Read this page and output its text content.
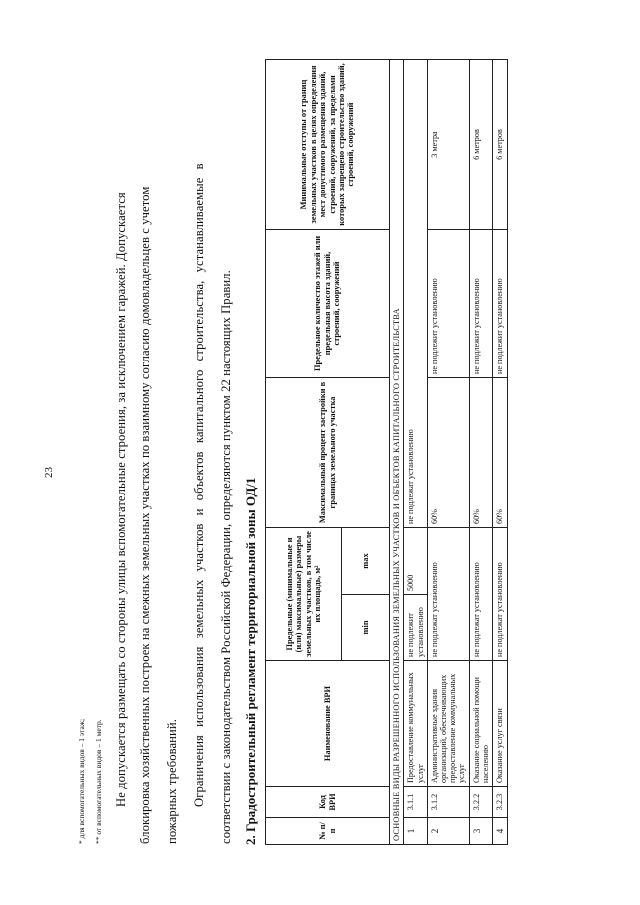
23
* для вспомогательных видов – 1 этаж; ** от вспомогательных видов – 1 метр. Не допускается размещать со стороны улицы вспомогательные строения, за исключением гаражей. Допускается блокировка хозяйственных построек на смежных земельных участках по взаимному согласию домовладельцев с учетом пожарных требований. Ограничения использования земельных участков и объектов капитального строительства, устанавливаемые в соответствии с законодательством Российской Федерации, определяются пунктом 22 настоящих Правил. 2. Градостроительный регламент территориальной зоны ОД/1	№ п/п	Код ВРИ	Наименование ВРИ	Предельные (минимальные и (или) максимальные) размеры земельных участков, в том числе их площадь, м²		Максимальный процент застройки в границах земельного участка	Предельное количество этажей или предельная высота зданий, строений, сооружений	Минимальные отступы от границ земельных участков в целях определения мест допустимого размещения зданий, строений, сооружений, за пределами которых запрещено строительство зданий, строений, сооружений
			min	max			
ОСНОВНЫЕ ВИДЫ РАЗРЕШЕННОГО ИСПОЛЬЗОВАНИЯ ЗЕМЕЛЬНЫХ УЧАСТКОВ И ОБЪЕКТОВ КАПИТАЛЬНОГО СТРОИТЕЛЬСТВА							
1	3.1.1	Предоставление коммунальных услуг	не подлежит установлению	5000	не подлежат установлению		
2	3.1.2	Административные здания организаций, обеспечивающих предоставление коммунальных услуг	не подлежат установлению		60%	не подлежит установлению	3 метра
3	3.2.2	Оказание социальной помощи населению	не подлежат установлению		60%	не подлежит установлению	6 метров
4	3.2.3	Оказание услуг связи	не подлежат установлению		60%	не подлежит установлению	6 метров
